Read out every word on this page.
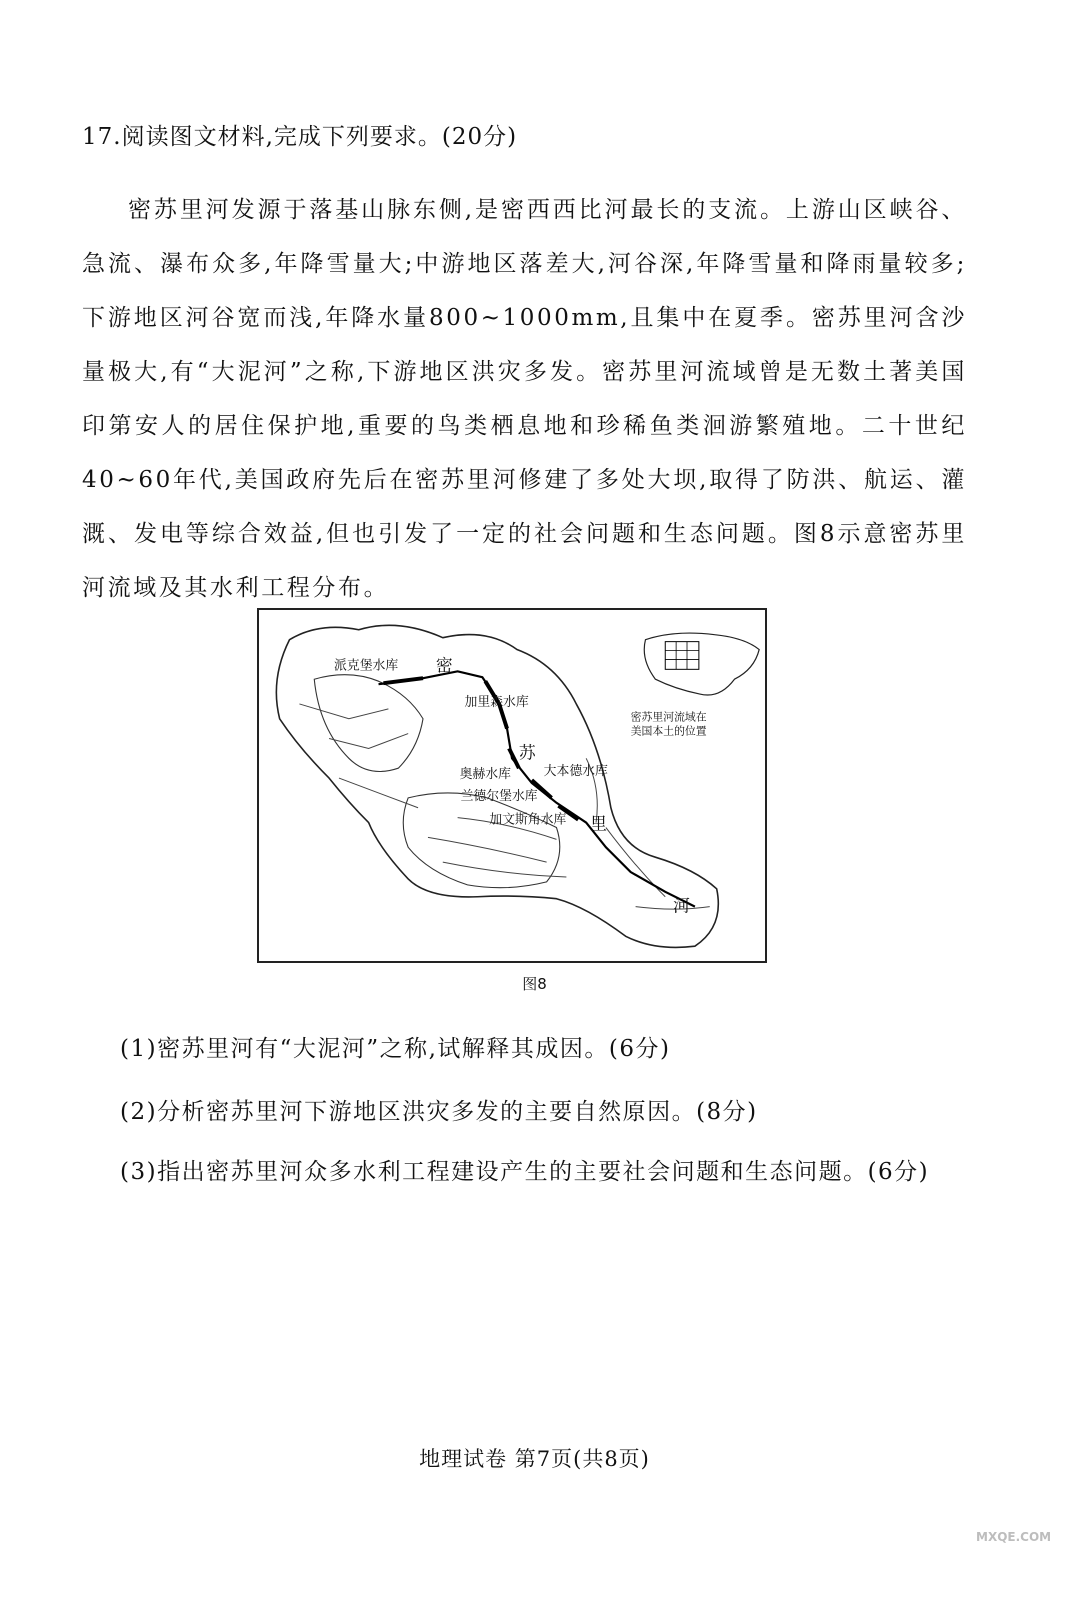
17.阅读图文材料,完成下列要求。(20分)

密苏里河发源于落基山脉东侧,是密西西比河最长的支流。上游山区峡谷、急流、瀑布众多,年降雪量大;中游地区落差大,河谷深,年降雪量和降雨量较多;下游地区河谷宽而浅,年降水量800~1000mm,且集中在夏季。密苏里河含沙量极大,有“大泥河”之称,下游地区洪灾多发。密苏里河流域曾是无数土著美国印第安人的居住保护地,重要的鸟类栖息地和珍稀鱼类洄游繁殖地。二十世纪40~60年代,美国政府先后在密苏里河修建了多处大坝,取得了防洪、航运、灌溉、发电等综合效益,但也引发了一定的社会问题和生态问题。图8示意密苏里河流域及其水利工程分布。

密
苏
里
河
派克堡水库
加里森水库
奥赫水库	大本德水库
兰德尔堡水库
加文斯角水库
密苏里河流域在
美国本土的位置
图8
(1)密苏里河有“大泥河”之称,试解释其成因。(6分)
(2)分析密苏里河下游地区洪灾多发的主要自然原因。(8分)
(3)指出密苏里河众多水利工程建设产生的主要社会问题和生态问题。(6分)
地理试卷 第7页(共8页)
MXQE.COM
